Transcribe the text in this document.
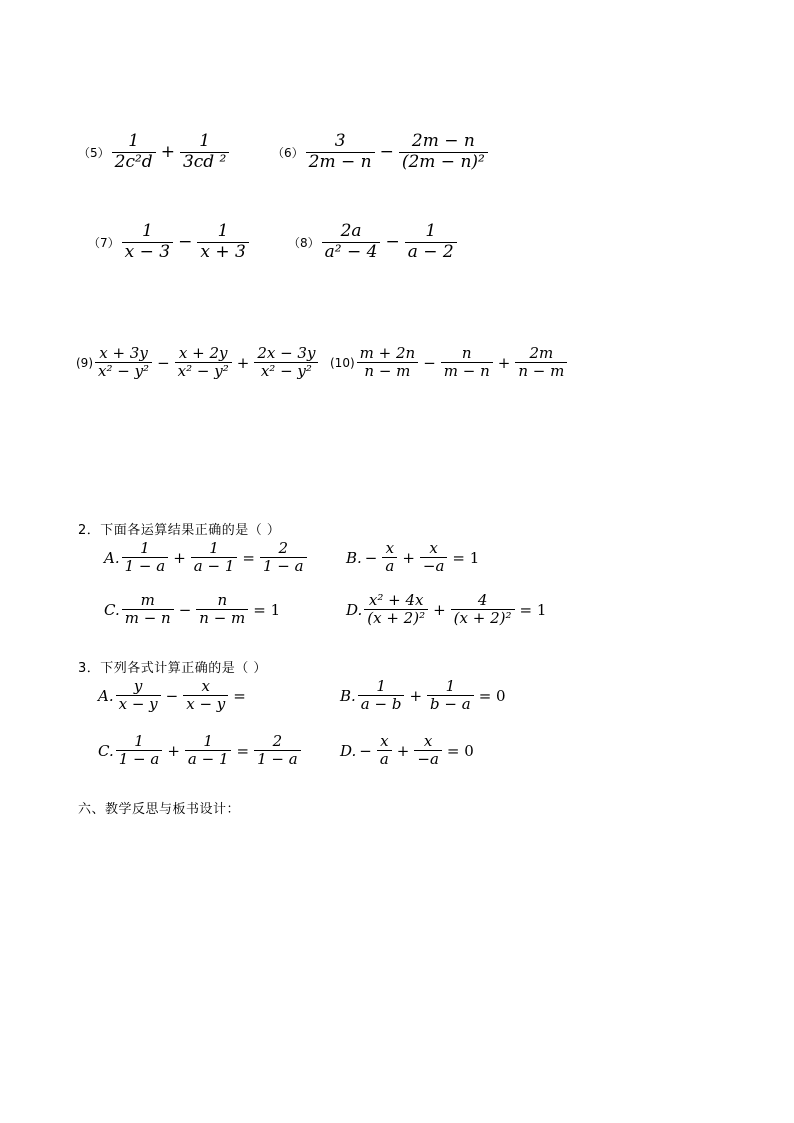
$(5) \frac{1}{\text{2c²d}} + \frac{1}{\text{3cd ²}}$	$(6) \frac{3}{2m - n} - \frac{2m - n}{\text{(2m − n)²}}$
$(7) \frac{1}{x - 3} - \frac{1}{x + 3}$	$(8) \frac{2a}{\text{a² − 4}} - \frac{1}{a - 2}$
$(9) \frac{x + 3y}{\text{x² − y²}} - \frac{x + 2y}{\text{x² − y²}} + \frac{2x - 3y}{\text{x² − y²}} (10) \frac{m + 2n}{n - m} - \frac{n}{m - n} + \frac{2m}{n - m}$
2．下面各运算结果正确的是（ ）
A. $\frac{1}{1 - a} + \frac{1}{a - 1} = \frac{2}{1 - a}$	B. − $\frac{x}{a} + \frac{x}{-a} = 1$
C. $\frac{m}{m - n} - \frac{n}{n - m} = 1$	D. $\frac{\text{x² + 4x}}{\text{(x + 2)²}} + \frac{4}{\text{(x + 2)²}} = 1$
3．下列各式计算正确的是（ ）
A. $\frac{y}{x - y} - \frac{x}{x - y}$ =	B. $\frac{1}{a - b} + \frac{1}{b - a} = 0$
C. $\frac{1}{1 - a} + \frac{1}{a - 1} = \frac{2}{1 - a}$	D. − $\frac{x}{a} + \frac{x}{-a} = 0$
六、教学反思与板书设计：
